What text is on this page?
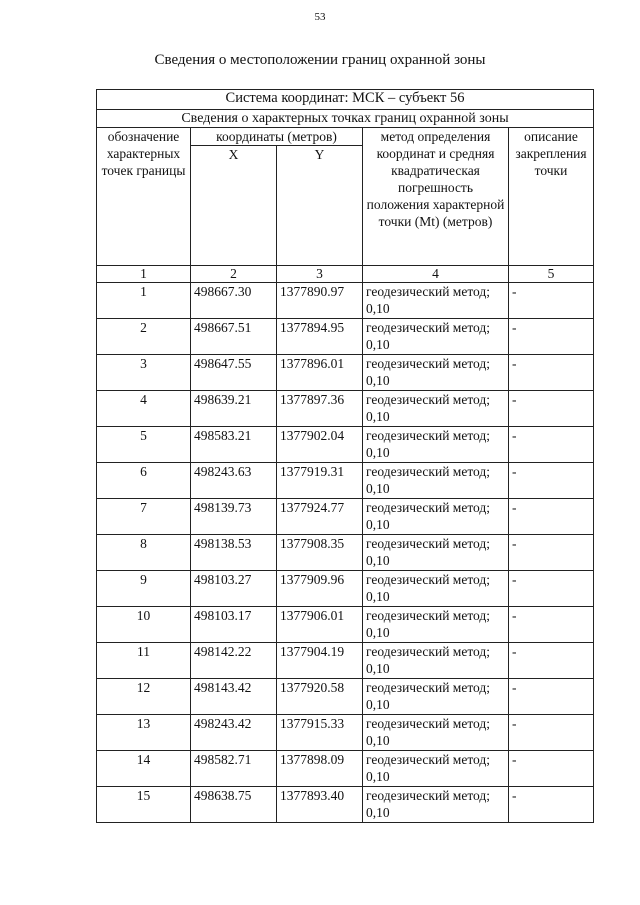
53
Сведения о местоположении границ охранной зоны
Система координат: МСК – субъект 56				
Сведения о характерных точках границ охранной зоны				
обозначение характерных точек границы	координаты (метров)		метод определения координат и средняя квадратическая погрешность положения характерной точки (Mt) (метров)	описание закрепления точки
	X	Y		
1	2	3	4	5
1	498667.30	1377890.97	геодезический метод; 0,10	-
2	498667.51	1377894.95	геодезический метод; 0,10	-
3	498647.55	1377896.01	геодезический метод; 0,10	-
4	498639.21	1377897.36	геодезический метод; 0,10	-
5	498583.21	1377902.04	геодезический метод; 0,10	-
6	498243.63	1377919.31	геодезический метод; 0,10	-
7	498139.73	1377924.77	геодезический метод; 0,10	-
8	498138.53	1377908.35	геодезический метод; 0,10	-
9	498103.27	1377909.96	геодезический метод; 0,10	-
10	498103.17	1377906.01	геодезический метод; 0,10	-
11	498142.22	1377904.19	геодезический метод; 0,10	-
12	498143.42	1377920.58	геодезический метод; 0,10	-
13	498243.42	1377915.33	геодезический метод; 0,10	-
14	498582.71	1377898.09	геодезический метод; 0,10	-
15	498638.75	1377893.40	геодезический метод; 0,10	-
